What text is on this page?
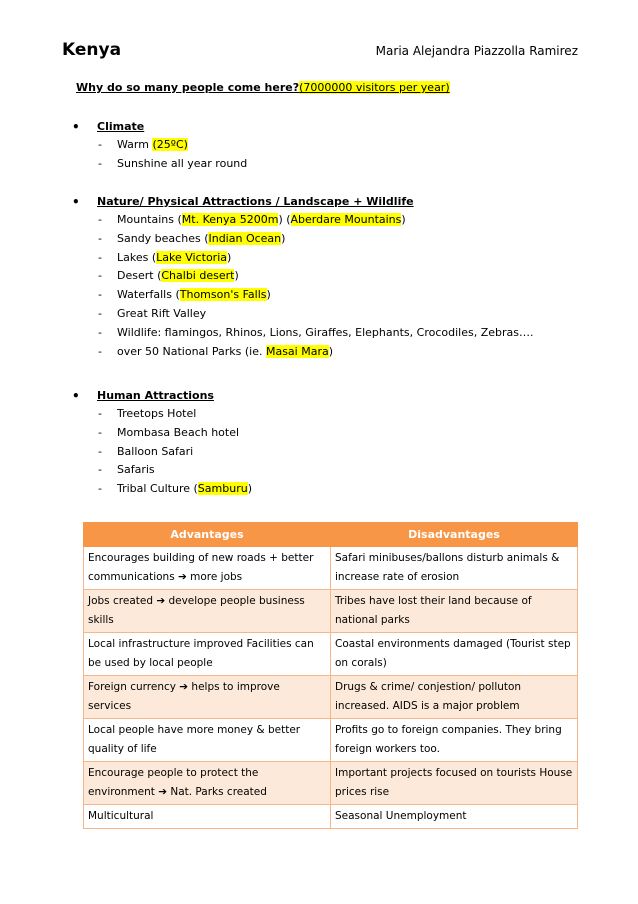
Kenya	Maria Alejandra Piazzolla Ramirez
Why do so many people come here?(7000000 visitors per year)
• Climate
- Warm (25ºC)
- Sunshine all year round
• Nature/ Physical Attractions / Landscape + Wildlife
- Mountains (Mt. Kenya 5200m) (Aberdare Mountains)
- Sandy beaches (Indian Ocean)
- Lakes (Lake Victoria)
- Desert (Chalbi desert)
- Waterfalls (Thomson's Falls)
- Great Rift Valley
- Wildlife: flamingos, Rhinos, Lions, Giraffes, Elephants, Crocodiles, Zebras….
- over 50 National Parks (ie. Masai Mara)
• Human Attractions
- Treetops Hotel
- Mombasa Beach hotel
- Balloon Safari
- Safaris
- Tribal Culture (Samburu)
Advantages	Disadvantages
Encourages building of new roads + better communications ➔ more jobs	Safari minibuses/ballons disturb animals & increase rate of erosion
Jobs created ➔ develope people business skills	Tribes have lost their land because of national parks
Local infrastructure improved Facilities can be used by local people	Coastal environments damaged (Tourist step on corals)
Foreign currency ➔ helps to improve services	Drugs & crime/ conjestion/ polluton increased. AIDS is a major problem
Local people have more money & better quality of life	Profits go to foreign companies. They bring foreign workers too.
Encourage people to protect the environment ➔ Nat. Parks created	Important projects focused on tourists House prices rise
Multicultural	Seasonal Unemployment
